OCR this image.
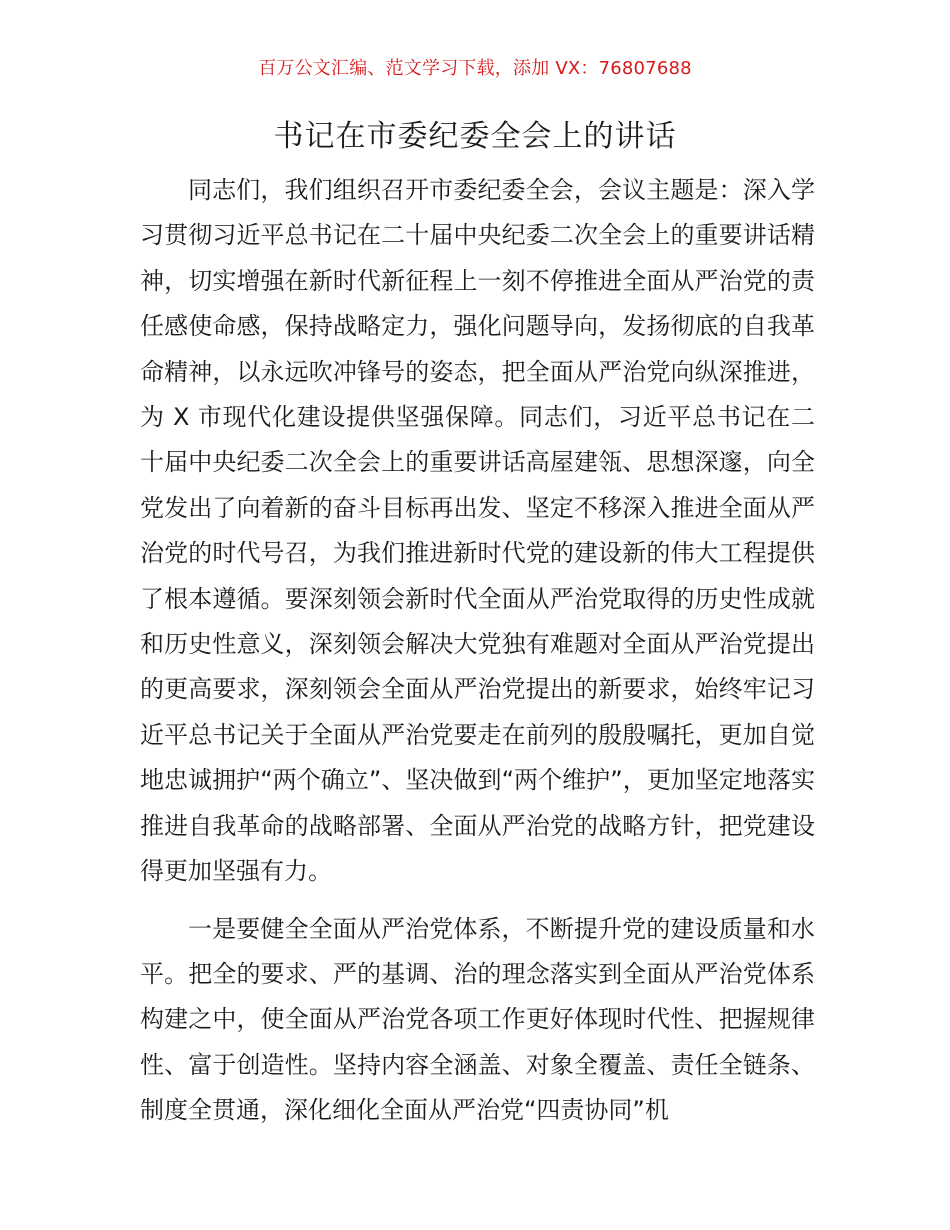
百万公文汇编、范文学习下载，添加 VX：76807688
书记在市委纪委全会上的讲话

同志们，我们组织召开市委纪委全会，会议主题是：深入学习贯彻习近平总书记在二十届中央纪委二次全会上的重要讲话精神，切实增强在新时代新征程上一刻不停推进全面从严治党的责任感使命感，保持战略定力，强化问题导向，发扬彻底的自我革命精神，以永远吹冲锋号的姿态，把全面从严治党向纵深推进，为 X 市现代化建设提供坚强保障。同志们，习近平总书记在二十届中央纪委二次全会上的重要讲话高屋建瓴、思想深邃，向全党发出了向着新的奋斗目标再出发、坚定不移深入推进全面从严治党的时代号召，为我们推进新时代党的建设新的伟大工程提供了根本遵循。要深刻领会新时代全面从严治党取得的历史性成就和历史性意义，深刻领会解决大党独有难题对全面从严治党提出的更高要求，深刻领会全面从严治党提出的新要求，始终牢记习近平总书记关于全面从严治党要走在前列的殷殷嘱托，更加自觉地忠诚拥护“两个确立”、坚决做到“两个维护”，更加坚定地落实推进自我革命的战略部署、全面从严治党的战略方针，把党建设得更加坚强有力。

一是要健全全面从严治党体系，不断提升党的建设质量和水平。把全的要求、严的基调、治的理念落实到全面从严治党体系构建之中，使全面从严治党各项工作更好体现时代性、把握规律性、富于创造性。坚持内容全涵盖、对象全覆盖、责任全链条、制度全贯通，深化细化全面从严治党“四责协同”机
